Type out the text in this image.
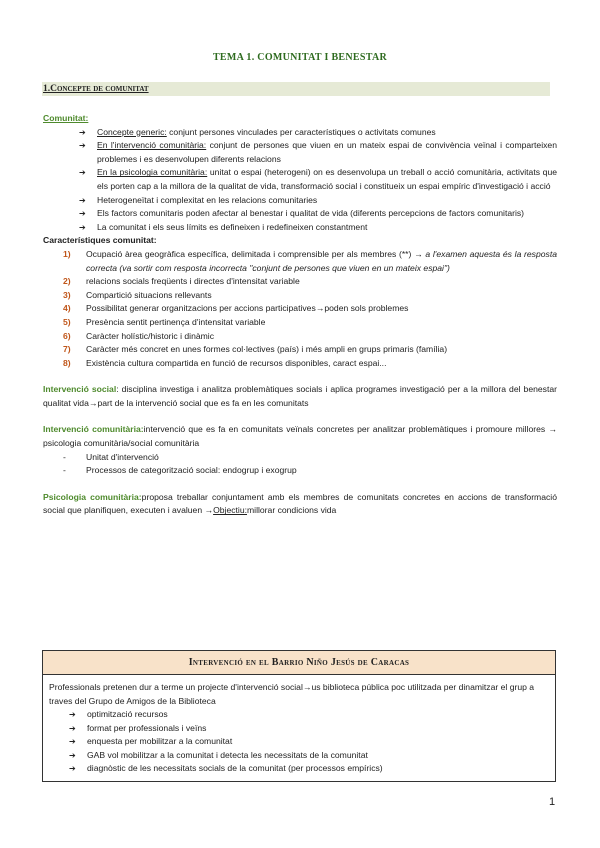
TEMA 1. COMUNITAT I BENESTAR
1.Concepte de comunitat
Comunitat:
➔ Concepte generic: conjunt persones vinculades per característiques o activitats comunes
➔ En l'intervenció comunitària: conjunt de persones que viuen en un mateix espai de convivència veïnal i comparteixen problemes i es desenvolupen diferents relacions
➔ En la psicologia comunitària: unitat o espai (heterogeni) on es desenvolupa un treball o acció comunitària, activitats que els porten cap a la millora de la qualitat de vida, transformació social i constitueix un espai empíric d'investigació i acció
➔ Heterogeneïtat i complexitat en les relacions comunitaries
➔ Els factors comunitaris poden afectar al benestar i qualitat de vida (diferents percepcions de factors comunitaris)
➔ La comunitat i els seus límits es defineixen i redefineixen constantment
Característiques comunitat:
1) Ocupació àrea geogràfica específica, delimitada i comprensible per als membres (**) → a l'examen aquesta és la resposta correcta (va sortir com resposta incorrecta "conjunt de persones que viuen en un mateix espai")
2) relacions socials freqüents i directes d'intensitat variable
3) Compartició situacions rellevants
4) Possibilitat generar organitzacions per accions participatives→poden sols problemes
5) Presència sentit pertinença d'intensitat variable
6) Caràcter holístic/historic i dinàmic
7) Caràcter més concret en unes formes col·lectives (país) i més ampli en grups primaris (família)
8) Existència cultura compartida en funció de recursos disponibles, caract espai...

Intervenció social: disciplina investiga i analitza problemàtiques socials i aplica programes investigació per a la millora del benestar qualitat vida→part de la intervenció social que es fa en les comunitats

Intervenció comunitària:intervenció que es fa en comunitats veïnals concretes per analitzar problemàtiques i promoure millores → psicologia comunitària/social comunitària

- Unitat d'intervenció
- Processos de categorització social: endogrup i exogrup

Psicologia comunitària:proposa treballar conjuntament amb els membres de comunitats concretes en accions de transformació social que planifiquen, executen i avaluen →Objectiu:millorar condicions vida

Intervenció en el Barrio Niño Jesús de Caracas

Professionals pretenen dur a terme un projecte d'intervenció social→us biblioteca pública poc utilitzada per dinamitzar el grup a traves del Grupo de Amigos de la Biblioteca

➔ optimització recursos
➔ format per professionals i veïns
➔ enquesta per mobilitzar a la comunitat
➔ GAB vol mobilitzar a la comunitat i detecta les necessitats de la comunitat
➔ diagnòstic de les necessitats socials de la comunitat (per processos empírics)
1
